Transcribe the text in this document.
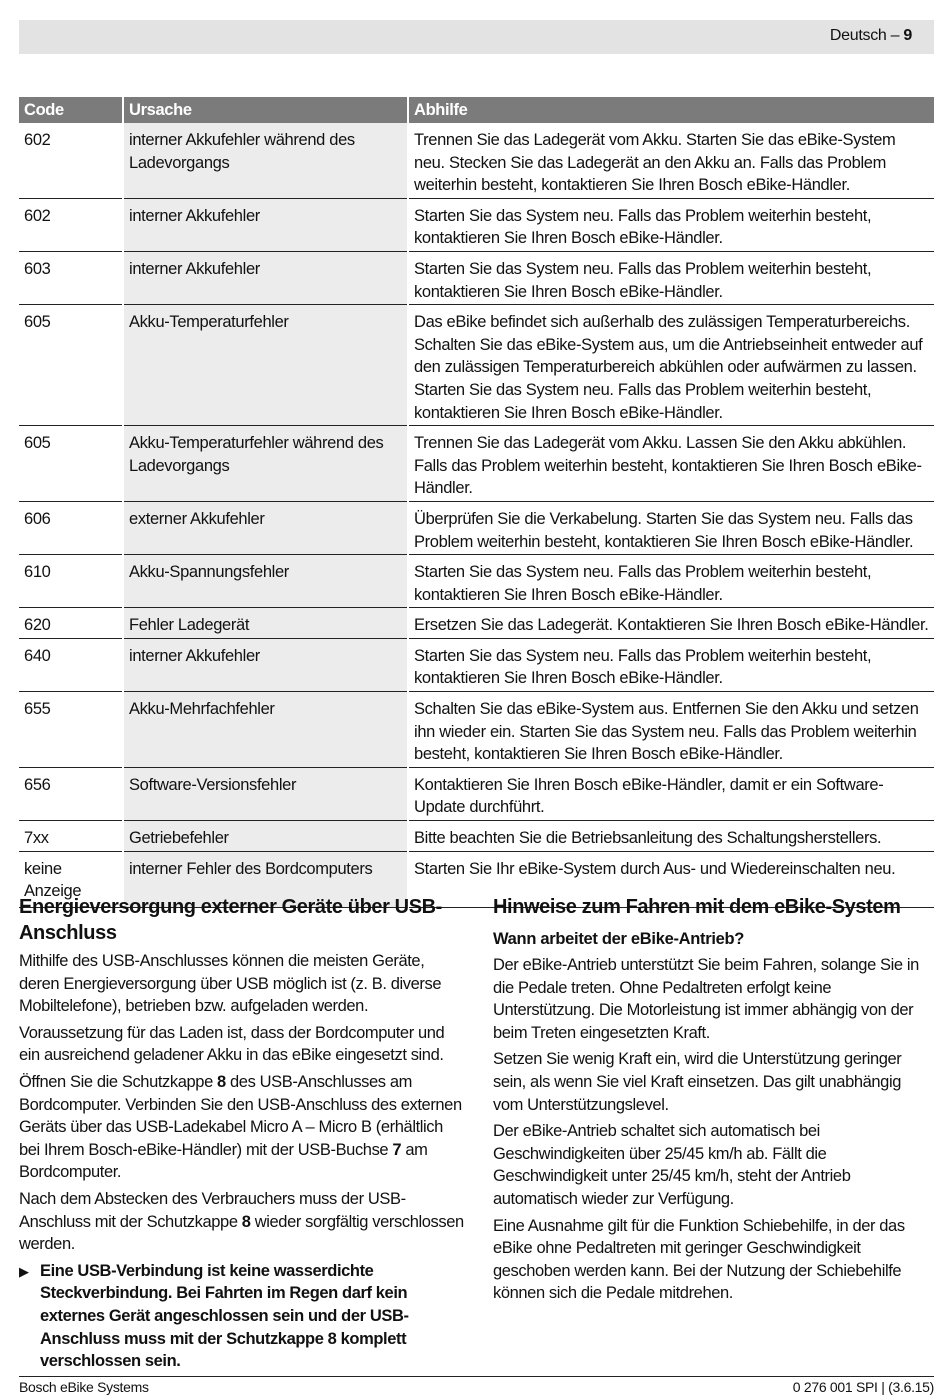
Deutsch – 9
Code	Ursache	Abhilfe
602	interner Akkufehler während des Ladevorgangs	Trennen Sie das Ladegerät vom Akku. Starten Sie das eBike-System neu. Stecken Sie das Ladegerät an den Akku an. Falls das Problem weiterhin besteht, kontaktieren Sie Ihren Bosch eBike-Händler.
602	interner Akkufehler	Starten Sie das System neu. Falls das Problem weiterhin besteht, kontaktieren Sie Ihren Bosch eBike-Händler.
603	interner Akkufehler	Starten Sie das System neu. Falls das Problem weiterhin besteht, kontaktieren Sie Ihren Bosch eBike-Händler.
605	Akku-Temperaturfehler	Das eBike befindet sich außerhalb des zulässigen Temperaturbereichs. Schalten Sie das eBike-System aus, um die Antriebseinheit entweder auf den zulässigen Temperaturbereich abkühlen oder aufwärmen zu lassen. Starten Sie das System neu. Falls das Problem weiterhin besteht, kontaktieren Sie Ihren Bosch eBike-Händler.
605	Akku-Temperaturfehler während des Ladevorgangs	Trennen Sie das Ladegerät vom Akku. Lassen Sie den Akku abkühlen. Falls das Problem weiterhin besteht, kontaktieren Sie Ihren Bosch eBike-Händler.
606	externer Akkufehler	Überprüfen Sie die Verkabelung. Starten Sie das System neu. Falls das Problem weiterhin besteht, kontaktieren Sie Ihren Bosch eBike-Händler.
610	Akku-Spannungsfehler	Starten Sie das System neu. Falls das Problem weiterhin besteht, kontaktieren Sie Ihren Bosch eBike-Händler.
620	Fehler Ladegerät	Ersetzen Sie das Ladegerät. Kontaktieren Sie Ihren Bosch eBike-Händler.
640	interner Akkufehler	Starten Sie das System neu. Falls das Problem weiterhin besteht, kontaktieren Sie Ihren Bosch eBike-Händler.
655	Akku-Mehrfachfehler	Schalten Sie das eBike-System aus. Entfernen Sie den Akku und setzen ihn wieder ein. Starten Sie das System neu. Falls das Problem weiterhin besteht, kontaktieren Sie Ihren Bosch eBike-Händler.
656	Software-Versionsfehler	Kontaktieren Sie Ihren Bosch eBike-Händler, damit er ein Software-Update durchführt.
7xx	Getriebefehler	Bitte beachten Sie die Betriebsanleitung des Schaltungsherstellers.
keine Anzeige	interner Fehler des Bordcomputers	Starten Sie Ihr eBike-System durch Aus- und Wiedereinschalten neu.
Energieversorgung externer Geräte über USB-Anschluss

Mithilfe des USB-Anschlusses können die meisten Geräte, deren Energieversorgung über USB möglich ist (z. B. diverse Mobiltelefone), betrieben bzw. aufgeladen werden.

Voraussetzung für das Laden ist, dass der Bordcomputer und ein ausreichend geladener Akku in das eBike eingesetzt sind.

Öffnen Sie die Schutzkappe 8 des USB-Anschlusses am Bordcomputer. Verbinden Sie den USB-Anschluss des externen Geräts über das USB-Ladekabel Micro A – Micro B (erhältlich bei Ihrem Bosch-eBike-Händler) mit der USB-Buchse 7 am Bordcomputer.

Nach dem Abstecken des Verbrauchers muss der USB-Anschluss mit der Schutzkappe 8 wieder sorgfältig verschlossen werden.

▶ Eine USB-Verbindung ist keine wasserdichte Steckverbindung. Bei Fahrten im Regen darf kein externes Gerät angeschlossen sein und der USB-Anschluss muss mit der Schutzkappe 8 komplett verschlossen sein.

Hinweise zum Fahren mit dem eBike-System
Wann arbeitet der eBike-Antrieb?

Der eBike-Antrieb unterstützt Sie beim Fahren, solange Sie in die Pedale treten. Ohne Pedaltreten erfolgt keine Unterstützung. Die Motorleistung ist immer abhängig von der beim Treten eingesetzten Kraft.

Setzen Sie wenig Kraft ein, wird die Unterstützung geringer sein, als wenn Sie viel Kraft einsetzen. Das gilt unabhängig vom Unterstützungslevel.

Der eBike-Antrieb schaltet sich automatisch bei Geschwindigkeiten über 25/45 km/h ab. Fällt die Geschwindigkeit unter 25/45 km/h, steht der Antrieb automatisch wieder zur Verfügung.

Eine Ausnahme gilt für die Funktion Schiebehilfe, in der das eBike ohne Pedaltreten mit geringer Geschwindigkeit geschoben werden kann. Bei der Nutzung der Schiebehilfe können sich die Pedale mitdrehen.

Bosch eBike Systems	0 276 001 SPI | (3.6.15)
